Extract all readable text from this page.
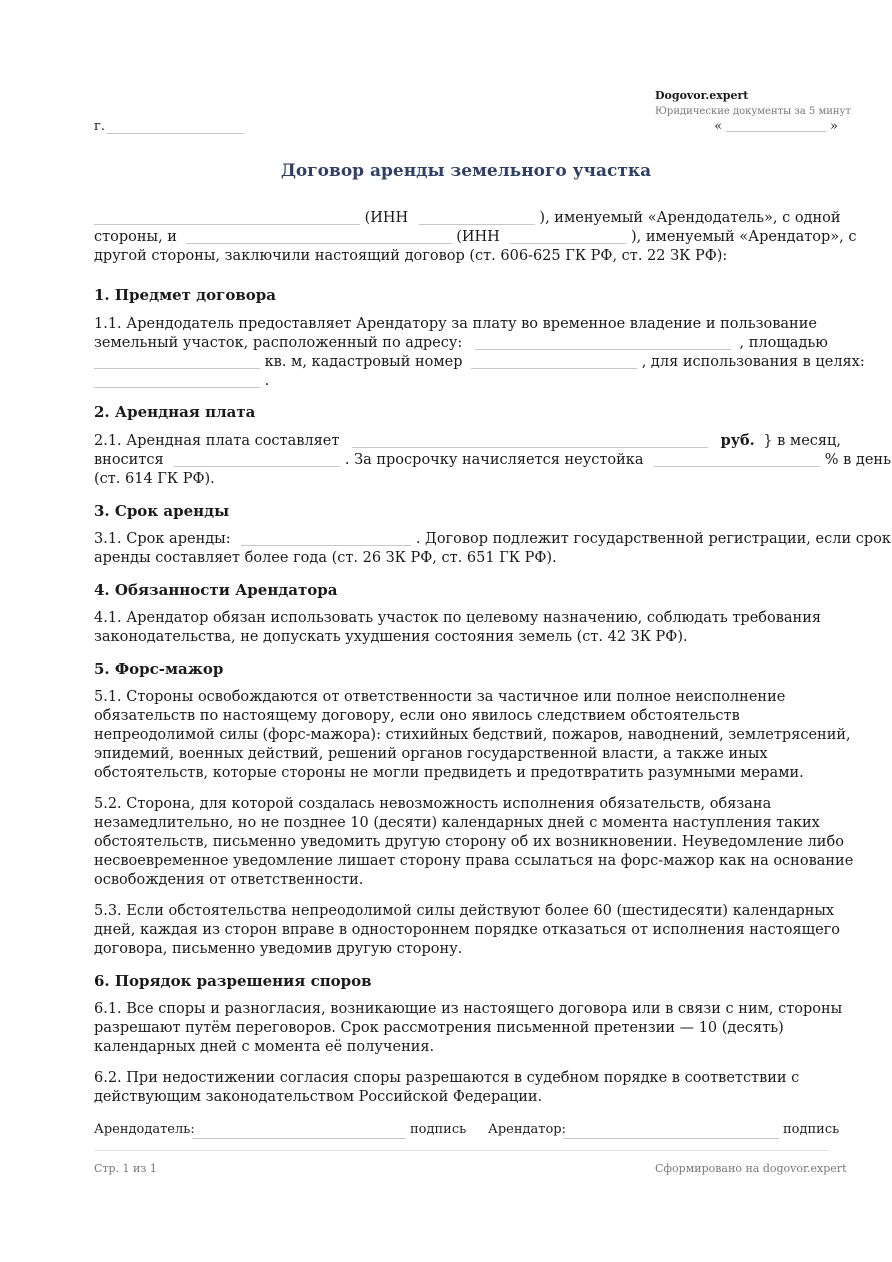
Dogovor.expert
Юридические документы за 5 минут
г.	«	»
Договор аренды земельного участка
(ИНН	), именуемый «Арендодатель», с одной
стороны, и	(ИНН	), именуемый «Арендатор», с
другой стороны, заключили настоящий договор (ст. 606-625 ГК РФ, ст. 22 ЗК РФ):
1. Предмет договора
1.1. Арендодатель предоставляет Арендатору за плату во временное владение и пользование
земельный участок, расположенный по адресу:	, площадью
кв. м, кадастровый номер	, для использования в целях:
.
2. Арендная плата
2.1. Арендная плата составляет	руб. } в месяц,
вносится	. За просрочку начисляется неустойка	% в день
(ст. 614 ГК РФ).
3. Срок аренды
3.1. Срок аренды:	. Договор подлежит государственной регистрации, если срок
аренды составляет более года (ст. 26 ЗК РФ, ст. 651 ГК РФ).
4. Обязанности Арендатора
4.1. Арендатор обязан использовать участок по целевому назначению, соблюдать требования законодательства, не допускать ухудшения состояния земель (ст. 42 ЗК РФ).
5. Форс-мажор
5.1. Стороны освобождаются от ответственности за частичное или полное неисполнение обязательств по настоящему договору, если оно явилось следствием обстоятельств непреодолимой силы (форс-мажора): стихийных бедствий, пожаров, наводнений, землетрясений, эпидемий, военных действий, решений органов государственной власти, а также иных обстоятельств, которые стороны не могли предвидеть и предотвратить разумными мерами.
5.2. Сторона, для которой создалась невозможность исполнения обязательств, обязана незамедлительно, но не позднее 10 (десяти) календарных дней с момента наступления таких обстоятельств, письменно уведомить другую сторону об их возникновении. Неуведомление либо несвоевременное уведомление лишает сторону права ссылаться на форс-мажор как на основание освобождения от ответственности.
5.3. Если обстоятельства непреодолимой силы действуют более 60 (шестидесяти) календарных дней, каждая из сторон вправе в одностороннем порядке отказаться от исполнения настоящего договора, письменно уведомив другую сторону.
6. Порядок разрешения споров
6.1. Все споры и разногласия, возникающие из настоящего договора или в связи с ним, стороны разрешают путём переговоров. Срок рассмотрения письменной претензии — 10 (десять) календарных дней с момента её получения.
6.2. При недостижении согласия споры разрешаются в судебном порядке в соответствии с действующим законодательством Российской Федерации.
Арендодатель:	подпись Арендатор:	подпись
Стр. 1 из 1	Сформировано на dogovor.expert
